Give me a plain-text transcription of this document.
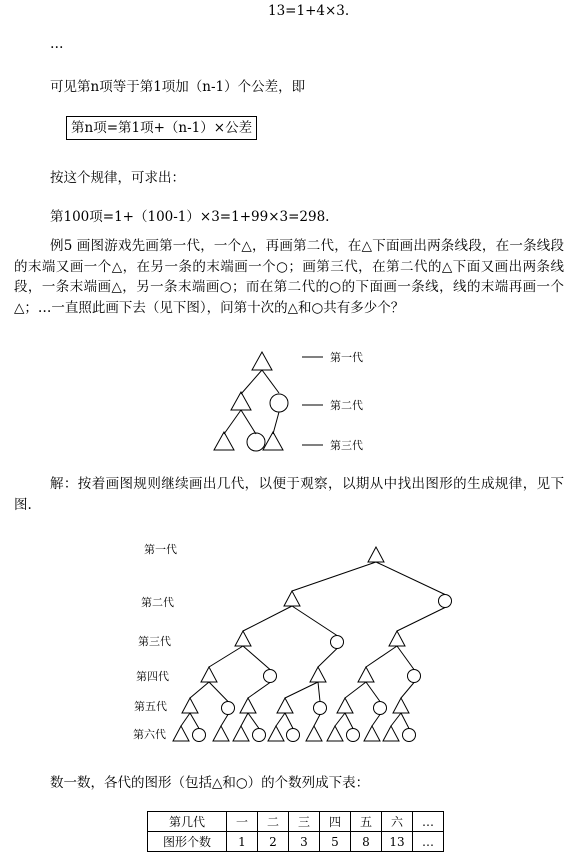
13=1+4×3.
…
可见第n项等于第1项加（n-1）个公差，即
第n项=第1项+（n-1）×公差
按这个规律，可求出：
第100项=1+（100-1）×3=1+99×3=298.
例5 画图游戏先画第一代，一个△，再画第二代，在△下面画出两条线段，在一条线段的末端又画一个△，在另一条的末端画一个○；画第三代，在第二代的△下面又画出两条线段，一条末端画△，另一条末端画○；而在第二代的○的下面画一条线，线的末端再画一个△；…一直照此画下去（见下图），问第十次的△和○共有多少个？
第一代
第二代
第三代
解：按着画图规则继续画出几代，以便于观察，以期从中找出图形的生成规律，见下图.
第一代
第二代
第三代
第四代
第五代
第六代
数一数，各代的图形（包括△和○）的个数列成下表：
第几代	一	二	三	四	五	六	…
图形个数	1	2	3	5	8	13	…
